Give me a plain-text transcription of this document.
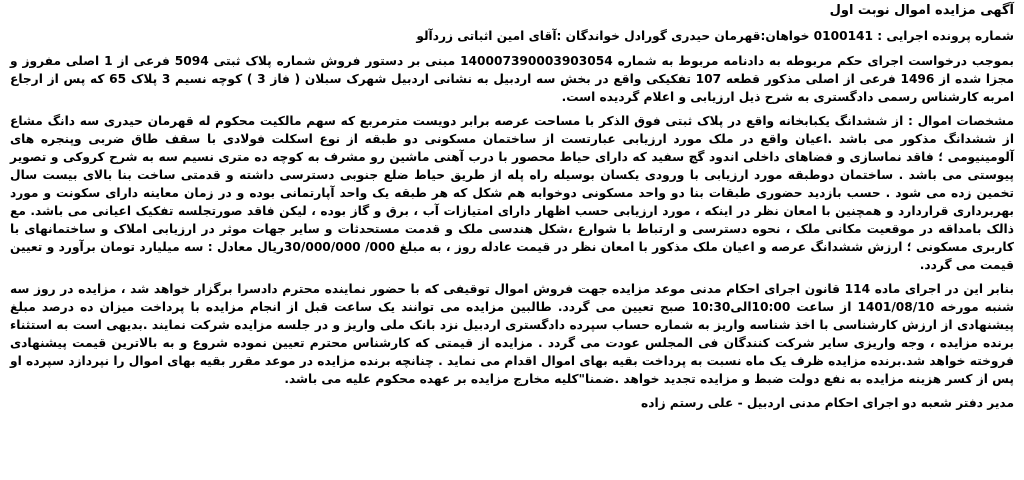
آگهی مزایده اموال نوبت اول

شماره پرونده اجرایی : 0100141 خواهان:قهرمان حیدری گورادل خواندگان :آقای امین اثباتی زردآلو

بموجب درخواست اجرای حکم مربوطه به دادنامه مربوط به شماره 14000739000390305‌4 مبنی بر دستور فروش شماره پلاک ثبتی 5094 فرعی از 1 اصلی مفروز و مجزا شده از 1496 فرعی از اصلی مذکور قطعه 107 تفکیکی واقع در بخش سه اردبیل به نشانی اردبیل شهرک سبلان ( فاز 3 ) کوچه نسیم 3 پلاک 65 که پس از ارجاع امربه کارشناس رسمی دادگستری به شرح ذیل ارزیابی و اعلام گردیده است.

مشخصات اموال : از ششدانگ یکبابخانه واقع در پلاک ثبتی فوق الذکر با مساحت عرصه برابر دویست مترمربع که سهم مالکیت محکوم له قهرمان حیدری سه دانگ مشاع از ششدانگ مذکور می باشد .اعیان واقع در ملک مورد ارزیابی عبارتست از ساختمان مسکونی دو طبقه از نوع اسکلت فولادی با سقف طاق ضربی وپنجره های آلومینیومی ؛ فاقد نماسازی و فضاهای داخلی اندود گچ سفید که دارای حیاط محصور با درب آهنی ماشین رو مشرف به کوچه ده متری نسیم سه به شرح کروکی و تصویر پیوستی می باشد . ساختمان دوطبقه مورد ارزیابی با ورودی یکسان بوسیله راه پله از طریق حیاط ضلع جنوبی دسترسی داشته و قدمتی ساخت بنا بالای بیست سال تخمین زده می شود . حسب بازدید حضوری طبقات بنا دو واحد مسکونی دوخوابه هم شکل که هر طبقه یک واحد آپارتمانی بوده و در زمان معاینه دارای سکونت و مورد بهربرداری قراردارد و همچنین با امعان نظر در اینکه ، مورد ارزیابی حسب اظهار دارای امتیازات آب ، برق و گاز بوده ، لیکن فاقد صورتجلسه تفکیک اعیانی می باشد. مع ذالک بامداقه در موقعیت مکانی ملک ، نحوه دسترسی و ارتباط با شوارع ،شکل هندسی ملک و قدمت مستحدثات و سایر جهات موثر در ارزیابی املاک و ساختمانهای با کاربری مسکونی ؛ ارزش ششدانگ عرصه و اعیان ملک مذکور با امعان نظر در قیمت عادله روز ، به مبلغ 000/ 30/000/000ریال معادل : سه میلیارد تومان برآورد و تعیین قیمت می گردد.

بنابر این در اجرای ماده 114 قانون اجرای احکام مدنی موعد مزایده جهت فروش اموال توقیفی که با حضور نماینده محترم دادسرا برگزار خواهد شد ، مزایده در روز سه شنبه مورخه 1401/08/10 از ساعت 10:00الی10:30 صبح تعیین می گردد. طالبین مزایده می توانند یک ساعت قبل از انجام مزایده با پرداخت میزان ده درصد مبلغ پیشنهادی از ارزش کارشناسی با اخذ شناسه واریز به شماره حساب سپرده دادگستری اردبیل نزد بانک ملی واریز و در جلسه مزایده شرکت نمایند .بدیهی است به استثناء برنده مزایده ، وجه واریزی سایر شرکت کنندگان فی المجلس عودت می گردد . مزایده از قیمتی که کارشناس محترم تعیین نموده شروع و به بالاترین قیمت پیشنهادی فروخته خواهد شد.برنده مزایده ظرف یک ماه نسبت به پرداخت بقیه بهای اموال اقدام می نماید . چنانچه برنده مزایده در موعد مقرر بقیه بهای اموال را نپردازد سپرده او پس از کسر هزینه مزایده به نفع دولت ضبط و مزایده تجدید خواهد .ضمنا"کلیه مخارج مزایده بر عهده محکوم علیه می باشد.

مدیر دفتر شعبه دو اجرای احکام مدنی اردبیل - علی رستم زاده
